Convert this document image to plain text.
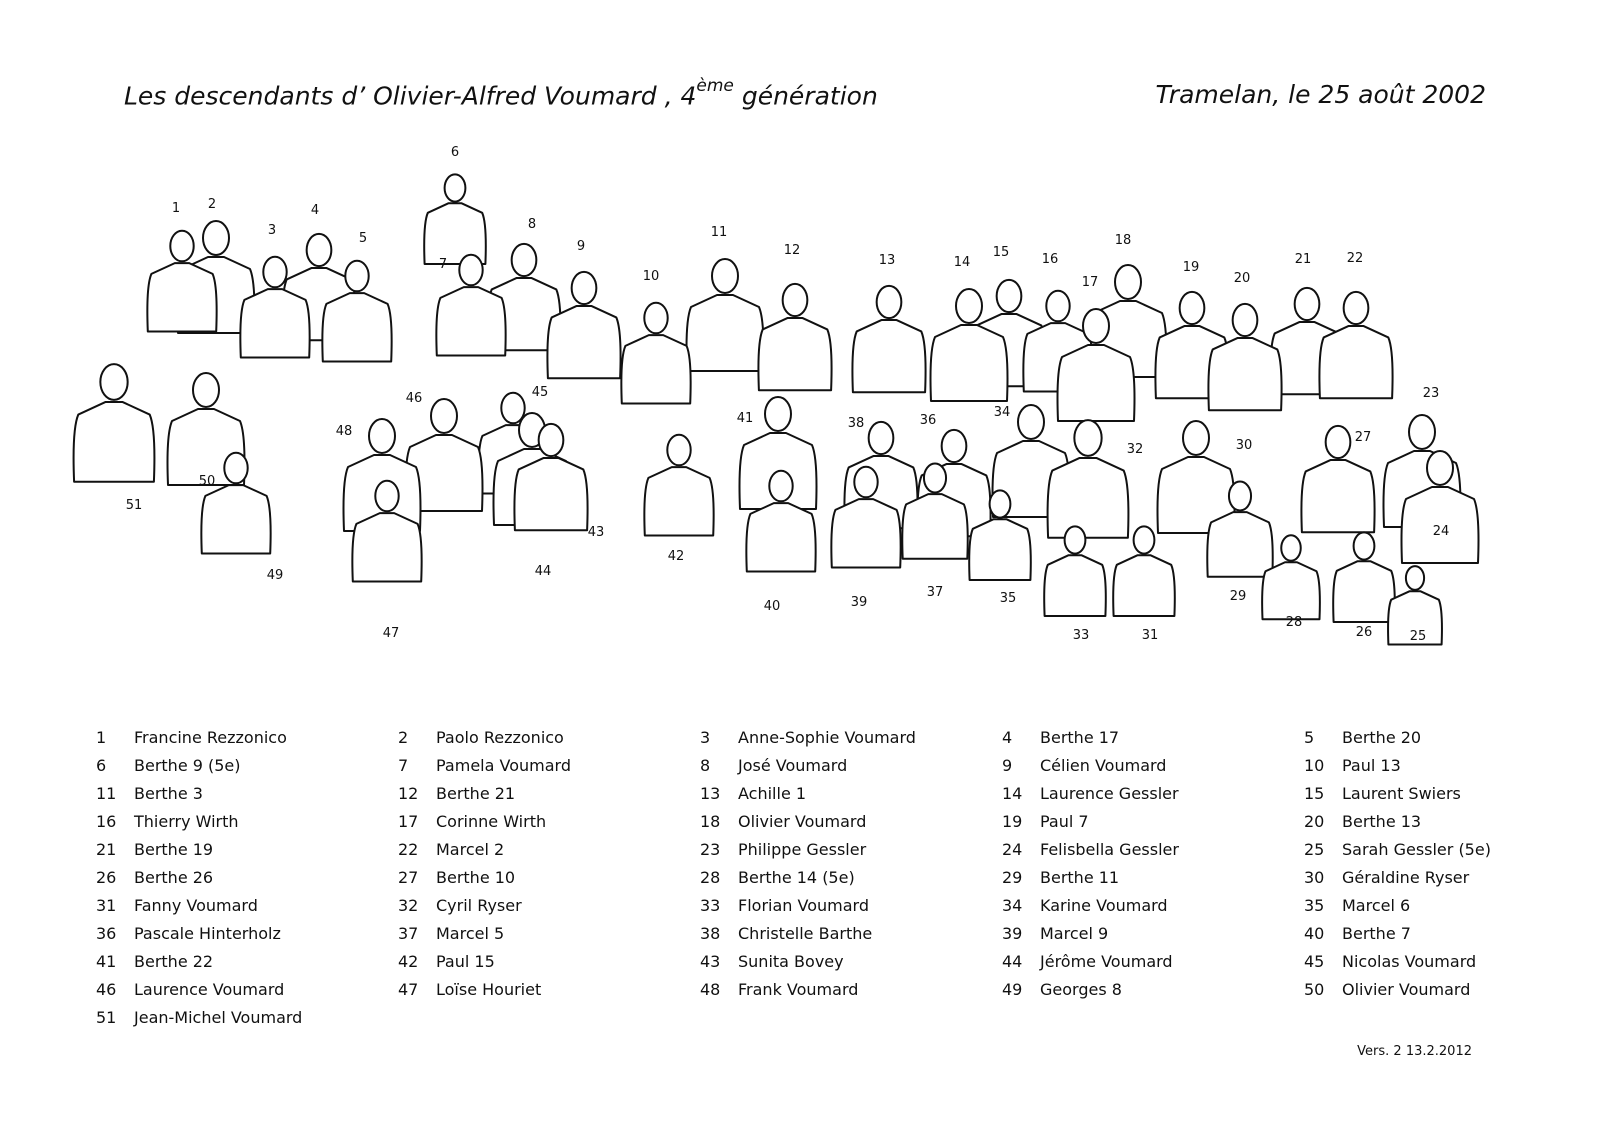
Les descendants d’ Olivier-Alfred Voumard , 4ème génération	Tramelan, le 25 août 2002
1 2
3
4
5
6
7
8
9
10
11
12
13	14
15 16
17
18
19
20
21	22
23
24
25
26
27
28
29
30
31
32
33
34
35
36
37
38
39
40
41
42
43
44
45
46
47
48
49
50
51
1	Francine Rezzonico	2	Paolo Rezzonico	3	Anne-Sophie Voumard	4	Berthe 17	5	Berthe 20
6	Berthe 9 (5e)	7	Pamela Voumard	8	José Voumard	9	Célien Voumard	10	Paul 13
11	Berthe 3	12	Berthe 21	13	Achille 1	14	Laurence Gessler	15	Laurent Swiers
16	Thierry Wirth	17	Corinne Wirth	18	Olivier Voumard	19	Paul 7	20	Berthe 13
21	Berthe 19	22	Marcel 2	23	Philippe Gessler	24	Felisbella Gessler	25	Sarah Gessler (5e)
26	Berthe 26	27	Berthe 10	28	Berthe 14 (5e)	29	Berthe 11	30	Géraldine Ryser
31	Fanny Voumard	32	Cyril Ryser	33	Florian Voumard	34	Karine Voumard	35	Marcel 6
36	Pascale Hinterholz	37	Marcel 5	38	Christelle Barthe	39	Marcel 9	40	Berthe 7
41	Berthe 22	42	Paul 15	43	Sunita Bovey	44	Jérôme Voumard	45	Nicolas Voumard
46	Laurence Voumard	47	Loïse Houriet	48	Frank Voumard	49	Georges 8	50	Olivier Voumard
51	Jean-Michel Voumard
Vers. 2 13.2.2012
